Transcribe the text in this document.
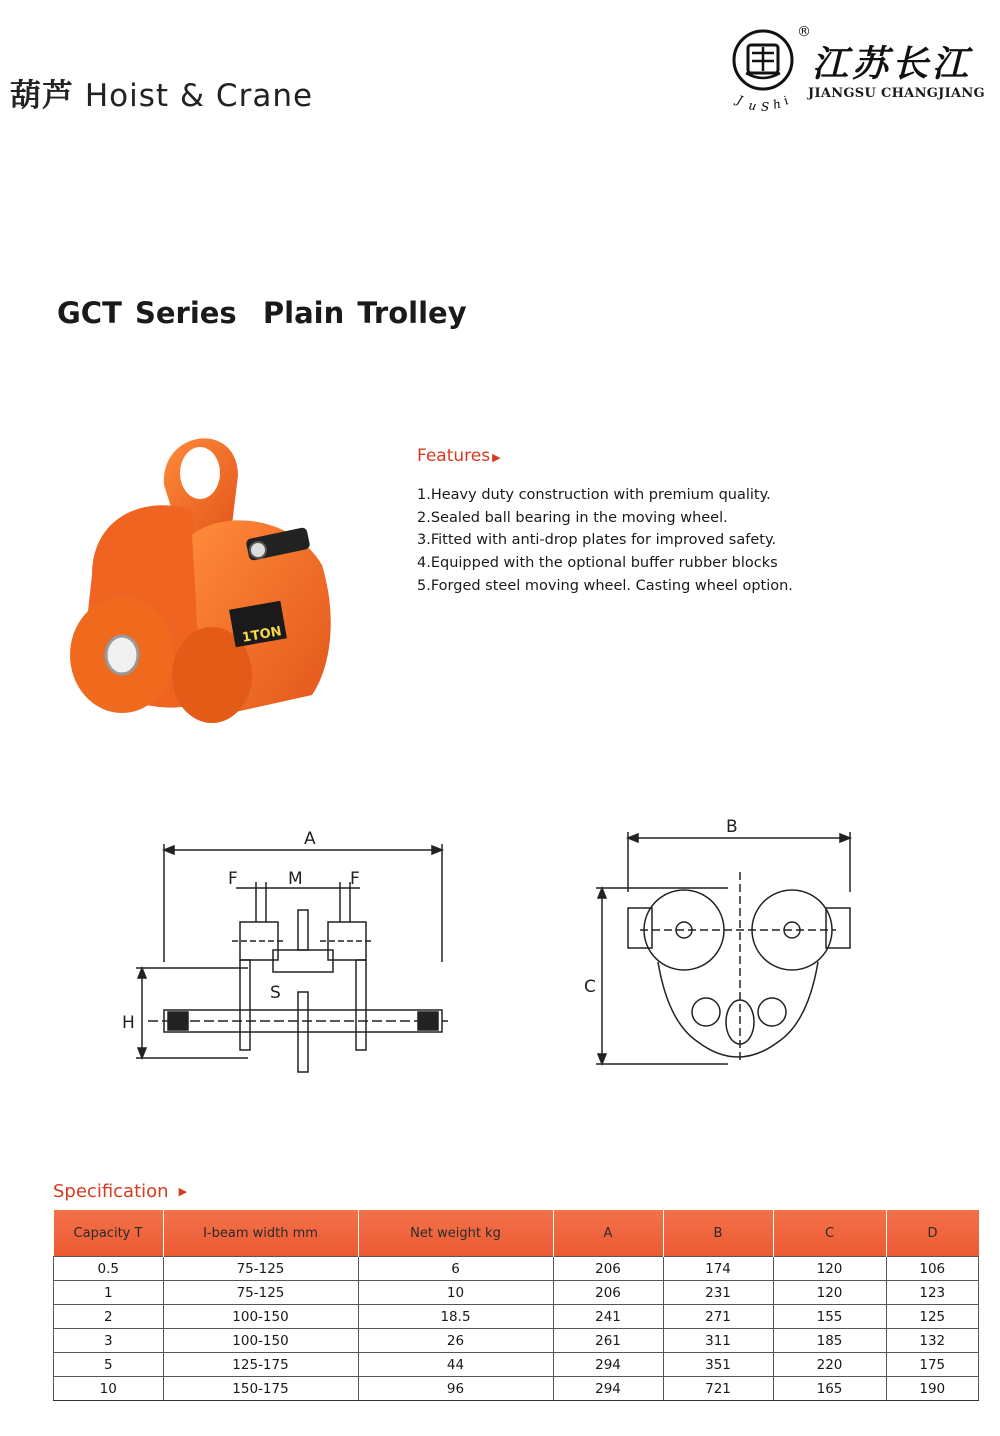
葫芦 Hoist & Crane	J u S h i
®
江苏长江
JIANGSU CHANGJIANG
GCT Series  Plain Trolley
1TON
Features ▶
1.Heavy duty construction with premium quality.
2.Sealed ball bearing in the moving wheel.
3.Fitted with anti-drop plates for improved safety.
4.Equipped with the optional buffer rubber blocks
5.Forged steel moving wheel. Casting wheel option.
A
F	M	F
H
S
B
C
Specification ▶
Capacity T	I-beam width mm	Net weight kg	A	B	C	D
0.5	75-125	6	206	174	120	106
1	75-125	10	206	231	120	123
2	100-150	18.5	241	271	155	125
3	100-150	26	261	311	185	132
5	125-175	44	294	351	220	175
10	150-175	96	294	721	165	190
